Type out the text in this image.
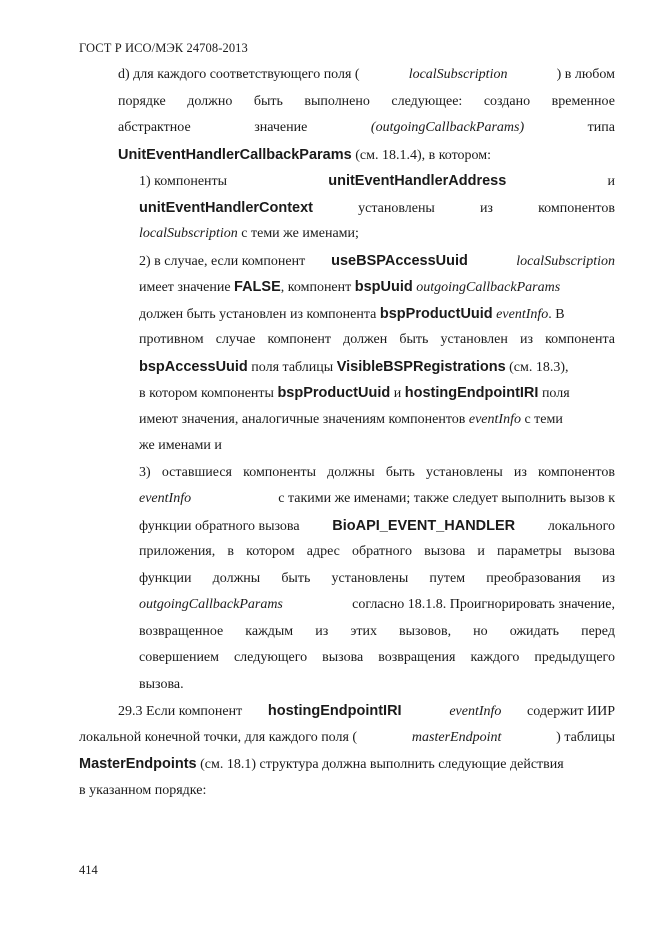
ГОСТ Р ИСО/МЭК 24708-2013
d) для каждого соответствующего поля (	localSubscription	) в любом
порядке должно быть выполнено следующее: создано временное
абстрактное	значение	(outgoingCallbackParams)	типа
UnitEventHandlerCallbackParams (см. 18.1.4), в котором:
1) компоненты	unitEventHandlerAddress	и
unitEventHandlerContext	установлены	из	компонентов
localSubscription с теми же именами;
2) в случае, если компонент useBSPAccessUuid
	localSubscription
имеет значение FALSE , компонент bspUuid
outgoingCallbackParams
должен быть установлен из компонента bspProductUuid
eventInfo . В
противном случае компонент должен быть установлен из компонента
bspAccessUuid поля таблицы VisibleBSPRegistrations (см. 18.3),
в котором компоненты bspProductUuid и hostingEndpointIRI поля
имеют значения, аналогичные значениям компонентов eventInfo с теми
же именами и
3) оставшиеся компоненты должны быть установлены из компонентов
eventInfo	с такими же именами; также следует выполнить вызов к
функции обратного вызова BioAPI_EVENT_HANDLER локального
приложения, в котором адрес обратного вызова и параметры вызова
функции должны быть установлены путем преобразования из
outgoingCallbackParams	согласно 18.1.8. Проигнорировать значение,
возвращенное каждым из этих вызовов, но ожидать перед
совершением следующего вызова возвращения каждого предыдущего
вызова.
29.3 Если компонент hostingEndpointIRI
	eventInfo содержит ИИР
локальной конечной точки, для каждого поля (	masterEndpoint	) таблицы
MasterEndpoints (см. 18.1) структура должна выполнить следующие действия
в указанном порядке:
414
